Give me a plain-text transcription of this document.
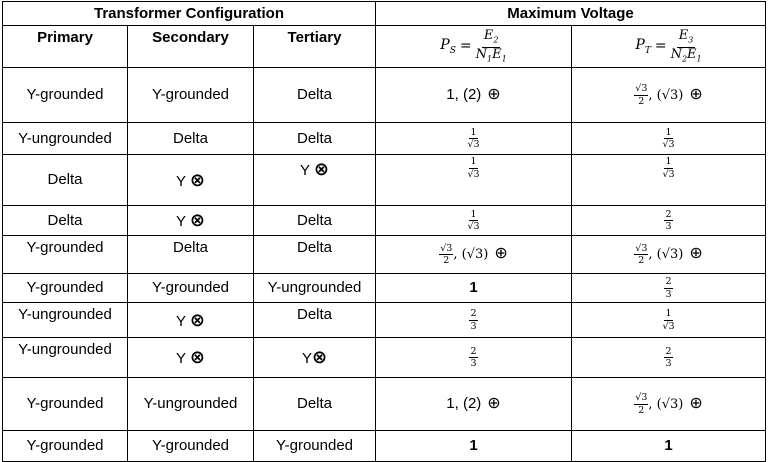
Transformer Configuration			Maximum Voltage	
Primary	Secondary	Tertiary	$P_S = \frac{E_2}{N_1E_1}$	$P_T = \frac{E_3}{N_2E_1}$

Y-grounded	Y-grounded	Delta	1, (2) ⊕	$\frac{√3}{2}$ , (√3) ⊕
Y-ungrounded	Delta	Delta	$\frac{1}{√3}$	$\frac{1}{√3}$

Delta	Y ⊗	Y ⊗	$\frac{1}{√3}$	$\frac{1}{√3}$

Delta	Y ⊗	Delta	$\frac{1}{√3}$	$\frac{2}{3}$

Y-grounded	Delta	Delta	$\frac{√3}{2}$ , (√3) ⊕	$\frac{√3}{2}$ , (√3) ⊕
Y-grounded	Y-grounded	Y-ungrounded	1	$\frac{2}{3}$

Y-ungrounded	Y ⊗	Delta	$\frac{2}{3}$	$\frac{1}{√3}$

Y-ungrounded	Y ⊗	Y⊗	$\frac{2}{3}$	$\frac{2}{3}$

Y-grounded	Y-ungrounded	Delta	1, (2) ⊕	$\frac{√3}{2}$ , (√3) ⊕
Y-grounded	Y-grounded	Y-grounded	1	1
